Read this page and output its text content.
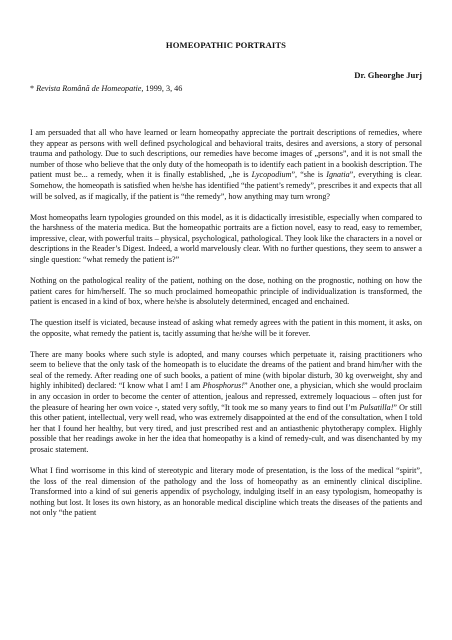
HOMEOPATHIC PORTRAITS
Dr. Gheorghe Jurj
* Revista Română de Homeopatie, 1999, 3, 46

I am persuaded that all who have learned or learn homeopathy appreciate the portrait descriptions of remedies, where they appear as persons with well defined psychological and behavioral traits, desires and aversions, a story of personal trauma and pathology. Due to such descriptions, our remedies have become images of „persons”, and it is not small the number of those who believe that the only duty of the homeopath is to identify each patient in a bookish description. The patient must be... a remedy, when it is finally established, „he is Lycopodium”, “she is Ignatia”, everything is clear. Somehow, the homeopath is satisfied when he/she has identified “the patient’s remedy”, prescribes it and expects that all will be solved, as if magically, if the patient is “the remedy”, how anything may turn wrong?

Most homeopaths learn typologies grounded on this model, as it is didactically irresistible, especially when compared to the harshness of the materia medica. But the homeopathic portraits are a fiction novel, easy to read, easy to remember, impressive, clear, with powerful traits – physical, psychological, pathological. They look like the characters in a novel or descriptions in the Reader’s Digest. Indeed, a world marvelously clear. With no further questions, they seem to answer a single question: “what remedy the patient is?”

Nothing on the pathological reality of the patient, nothing on the dose, nothing on the prognostic, nothing on how the patient cares for him/herself. The so much proclaimed homeopathic principle of individualization is transformed, the patient is encased in a kind of box, where he/she is absolutely determined, encaged and enchained.

The question itself is viciated, because instead of asking what remedy agrees with the patient in this moment, it asks, on the opposite, what remedy the patient is, tacitly assuming that he/she will be it forever.

There are many books where such style is adopted, and many courses which perpetuate it, raising practitioners who seem to believe that the only task of the homeopath is to elucidate the dreams of the patient and brand him/her with the seal of the remedy. After reading one of such books, a patient of mine (with bipolar disturb, 30 kg overweight, shy and highly inhibited) declared: “I know what I am! I am Phosphorus!” Another one, a physician, which she would proclaim in any occasion in order to become the center of attention, jealous and repressed, extremely loquacious – often just for the pleasure of hearing her own voice -, stated very softly, “It took me so many years to find out I’m Pulsatilla!” Or still this other patient, intellectual, very well read, who was extremely disappointed at the end of the consultation, when I told her that I found her healthy, but very tired, and just prescribed rest and an antiasthenic phytotherapy complex. Highly possible that her readings awoke in her the idea that homeopathy is a kind of remedy-cult, and was disenchanted by my prosaic statement.

What I find worrisome in this kind of stereotypic and literary mode of presentation, is the loss of the medical “spirit”, the loss of the real dimension of the pathology and the loss of homeopathy as an eminently clinical discipline. Transformed into a kind of sui generis appendix of psychology, indulging itself in an easy typologism, homeopathy is nothing but lost. It loses its own history, as an honorable medical discipline which treats the diseases of the patients and not only “the patient
